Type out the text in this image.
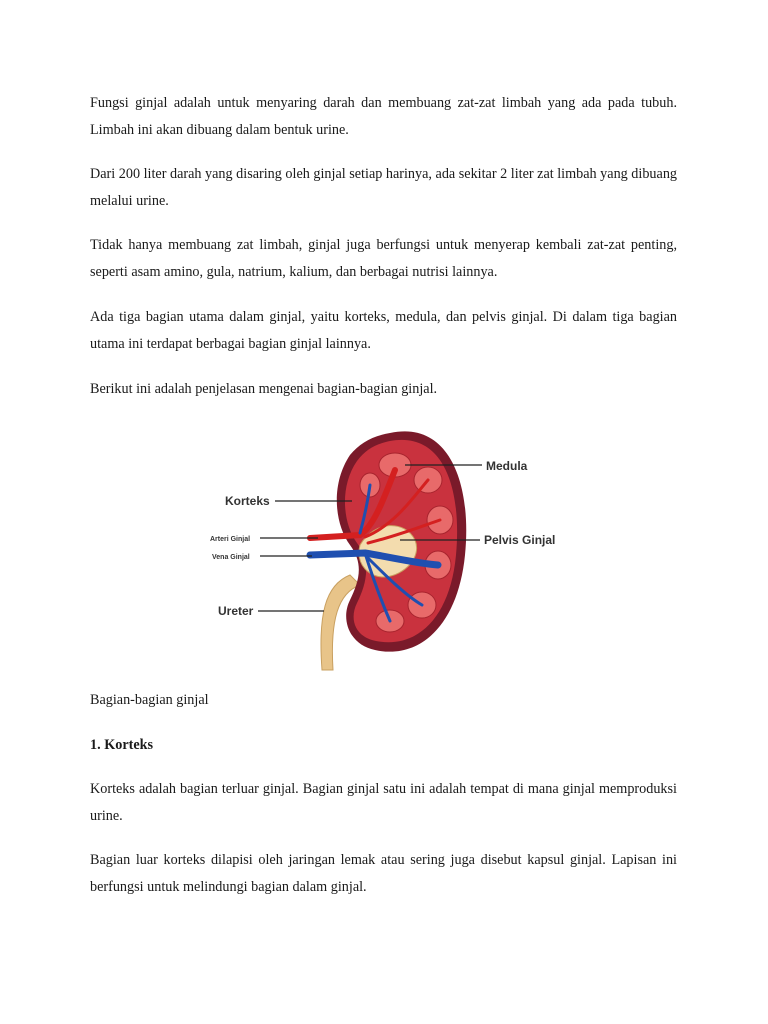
Fungsi ginjal adalah untuk menyaring darah dan membuang zat-zat limbah yang ada pada tubuh. Limbah ini akan dibuang dalam bentuk urine.

Dari 200 liter darah yang disaring oleh ginjal setiap harinya, ada sekitar 2 liter zat limbah yang dibuang melalui urine.

Tidak hanya membuang zat limbah, ginjal juga berfungsi untuk menyerap kembali zat-zat penting, seperti asam amino, gula, natrium, kalium, dan berbagai nutrisi lainnya.

Ada tiga bagian utama dalam ginjal, yaitu korteks, medula, dan pelvis ginjal. Di dalam tiga bagian utama ini terdapat berbagai bagian ginjal lainnya.

Berikut ini adalah penjelasan mengenai bagian-bagian ginjal.

Medula
Korteks
Arteri Ginjal	Pelvis Ginjal
Vena Ginjal
Ureter

Bagian-bagian ginjal

1. Korteks

Korteks adalah bagian terluar ginjal. Bagian ginjal satu ini adalah tempat di mana ginjal memproduksi urine.

Bagian luar korteks dilapisi oleh jaringan lemak atau sering juga disebut kapsul ginjal. Lapisan ini berfungsi untuk melindungi bagian dalam ginjal.
